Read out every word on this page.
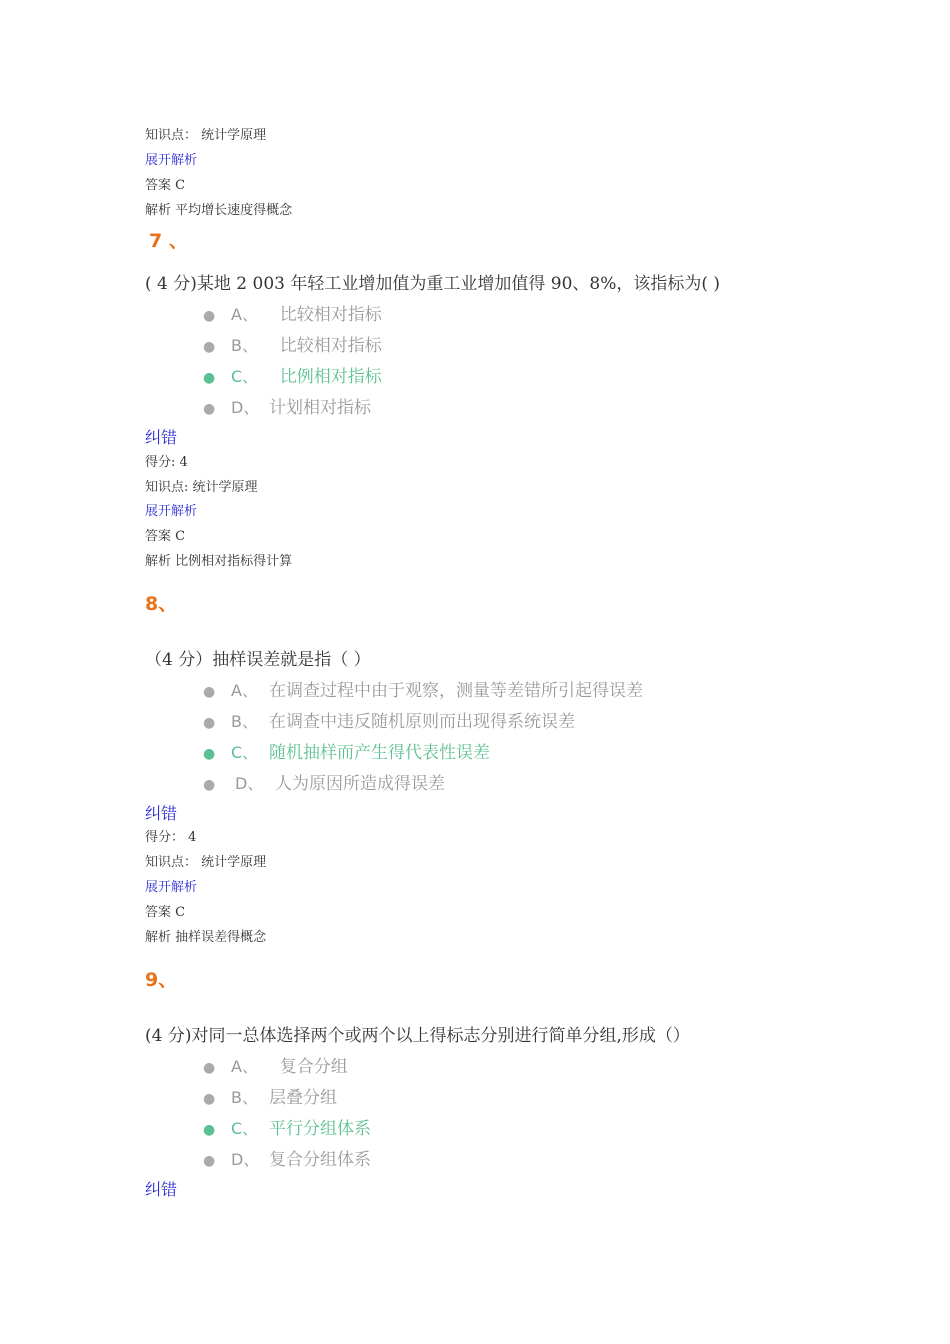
知识点： 统计学原理
展开解析
答案 C
解析 平均增长速度得概念
7 、
( 4 分)某地 2 003 年轻工业增加值为重工业增加值得 90、8%，该指标为( )
● A、  比较相对指标
● B、  比较相对指标
● C、  比例相对指标
● D、 计划相对指标
纠错
得分: 4
知识点: 统计学原理
展开解析
答案 C
解析 比例相对指标得计算
8、
（4 分）抽样误差就是指（ ）
● A、 在调查过程中由于观察，测量等差错所引起得误差
● B、 在调查中违反随机原则而出现得系统误差
● C、 随机抽样而产生得代表性误差
● D、 人为原因所造成得误差
纠错
得分： 4
知识点： 统计学原理
展开解析
答案 C
解析 抽样误差得概念
9、
(4 分)对同一总体选择两个或两个以上得标志分别进行简单分组,形成（）
● A、  复合分组
● B、 层叠分组
● C、 平行分组体系
● D、 复合分组体系
纠错
